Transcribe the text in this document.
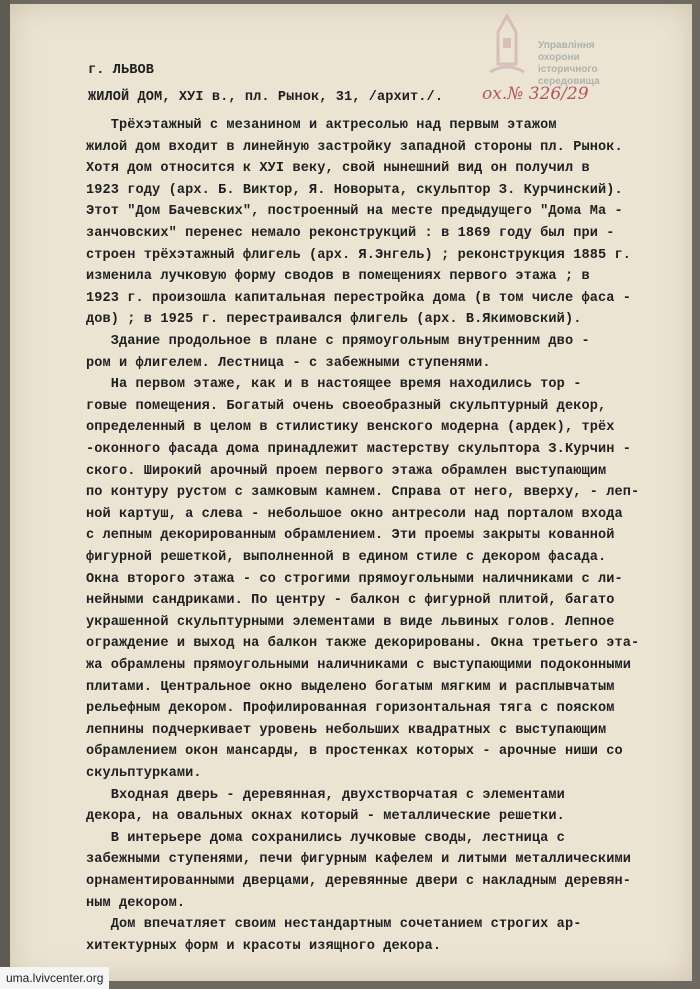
Управління
охорони
історичного
середовища
г. ЛЬВОВ
ЖИЛОЙ ДОМ, ХУI в., пл. Рынок, 31, /архит./. ох.№ 326/29
Трёхэтажный с мезанином и актресолью над первым этажом
жилой дом входит в линейную застройку западной стороны пл. Рынок.
Хотя дом относится к ХУI веку, свой нынешний вид он получил в
1923 году (арх. Б. Виктор, Я. Новорыта, скульптор З. Курчинский).
Этот "Дом Бачевских", построенный на месте предыдущего "Дома Ма -
занчовских" перенес немало реконструкций : в 1869 году был при -
строен трёхэтажный флигель (арх. Я.Энгель) ; реконструкция 1885 г.
изменила лучковую форму сводов в помещениях первого этажа ; в
1923 г. произошла капитальная перестройка дома (в том числе фаса -
дов) ; в 1925 г. перестраивался флигель (арх. В.Якимовский).
Здание продольное в плане с прямоугольным внутренним дво -
ром и флигелем. Лестница - с забежными ступенями.
На первом этаже, как и в настоящее время находились тор -
говые помещения. Богатый очень своеобразный скульптурный декор,
определенный в целом в стилистику венского модерна (ардек), трёх
-оконного фасада дома принадлежит мастерству скульптора З.Курчин -
ского. Широкий арочный проем первого этажа обрамлен выступающим
по контуру рустом с замковым камнем. Справа от него, вверху, - леп-
ной картуш, а слева - небольшое окно антресоли над порталом входа
с лепным декорированным обрамлением. Эти проемы закрыты кованной
фигурной решеткой, выполненной в едином стиле с декором фасада.
Окна второго этажа - со строгими прямоугольными наличниками с ли-
нейными сандриками. По центру - балкон с фигурной плитой, багато
украшенной скульптурными элементами в виде львиных голов. Лепное
ограждение и выход на балкон также декорированы. Окна третьего эта-
жа обрамлены прямоугольными наличниками с выступающими подоконными
плитами. Центральное окно выделено богатым мягким и расплывчатым
рельефным декором. Профилированная горизонтальная тяга с пояском
лепнины подчеркивает уровень небольших квадратных с выступающим
обрамлением окон мансарды, в простенках которых - арочные ниши со
скульптурками.
Входная дверь - деревянная, двухстворчатая с элементами
декора, на овальных окнах который - металлические решетки.
В интерьере дома сохранились лучковые своды, лестница с
забежными ступенями, печи фигурным кафелем и литыми металлическими
орнаментированными дверцами, деревянные двери с накладным деревян-
ным декором.
Дом впечатляет своим нестандартным сочетанием строгих ар-
хитектурных форм и красоты изящного декора.
uma.lvivcenter.org
